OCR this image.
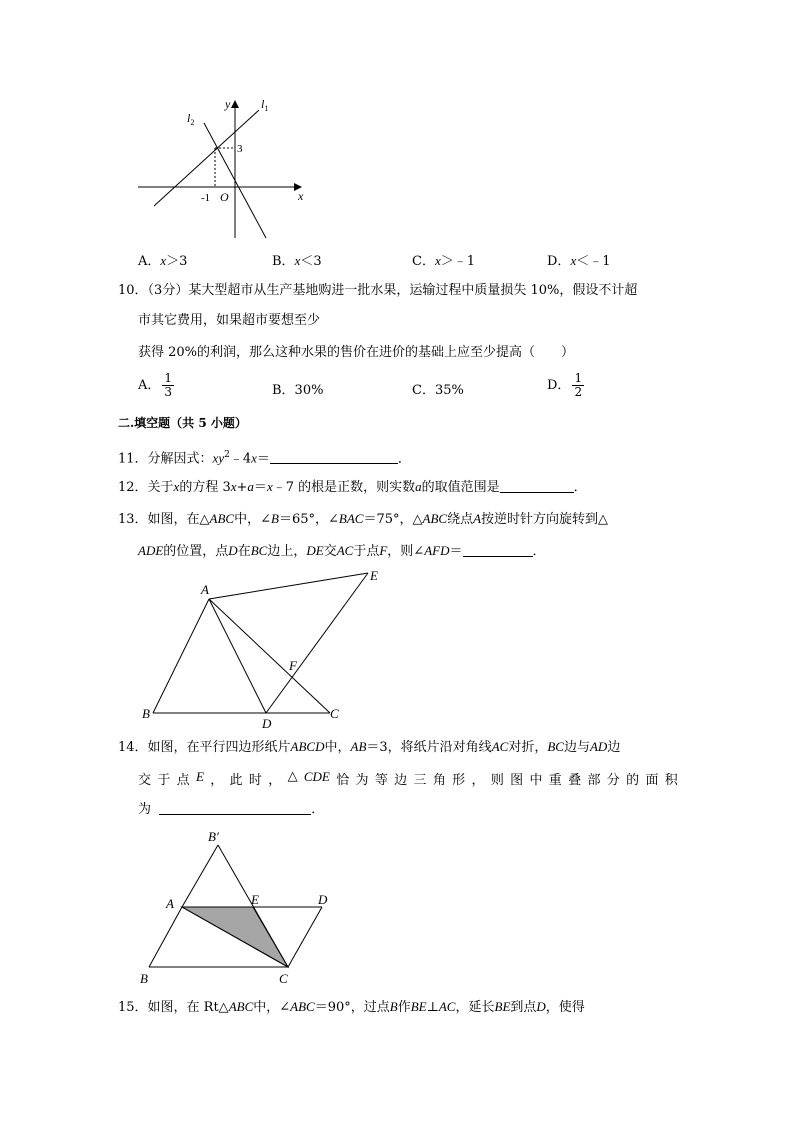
$l_2$
$l_1$
y
x
3
-1 O
A．x＞3	B．x＜3	C．x＞﹣1	D．x＜﹣1
10．（3分）某大型超市从生产基地购进一批水果，运输过程中质量损失 10%，假设不计超
市其它费用，如果超市要想至少
获得 20%的利润，那么这种水果的售价在进价的基础上应至少提高（　　）
A． $\frac{1}{3}$	B．30%	C．35%	D． $\frac{1}{2}$
二.填空题（共 5 小题）
11．分解因式：$xy^2﹣4x=$	．
12．关于x的方程 3x+a＝x﹣7 的根是正数，则实数a的取值范围是	．
13．如图，在△ABC中，∠B＝65°，∠BAC＝75°，△ABC绕点A按逆时针方向旋转到△
ADE的位置，点D在BC边上，DE交AC于点F，则∠AFD＝	．
A
B	C
D
E
F
14．如图，在平行四边形纸片ABCD中，AB＝3，将纸片沿对角线AC对折，BC边与AD边
交 于 点 E ， 此 时 ， △ CDE 恰 为 等 边 三 角 形 ， 则 图 中 重 叠 部 分 的 面 积
为	．
B′
A	E	D
B	C
15．如图，在 Rt△ABC中，∠ABC＝90°，过点B作BE⊥AC，延长BE到点D，使得
